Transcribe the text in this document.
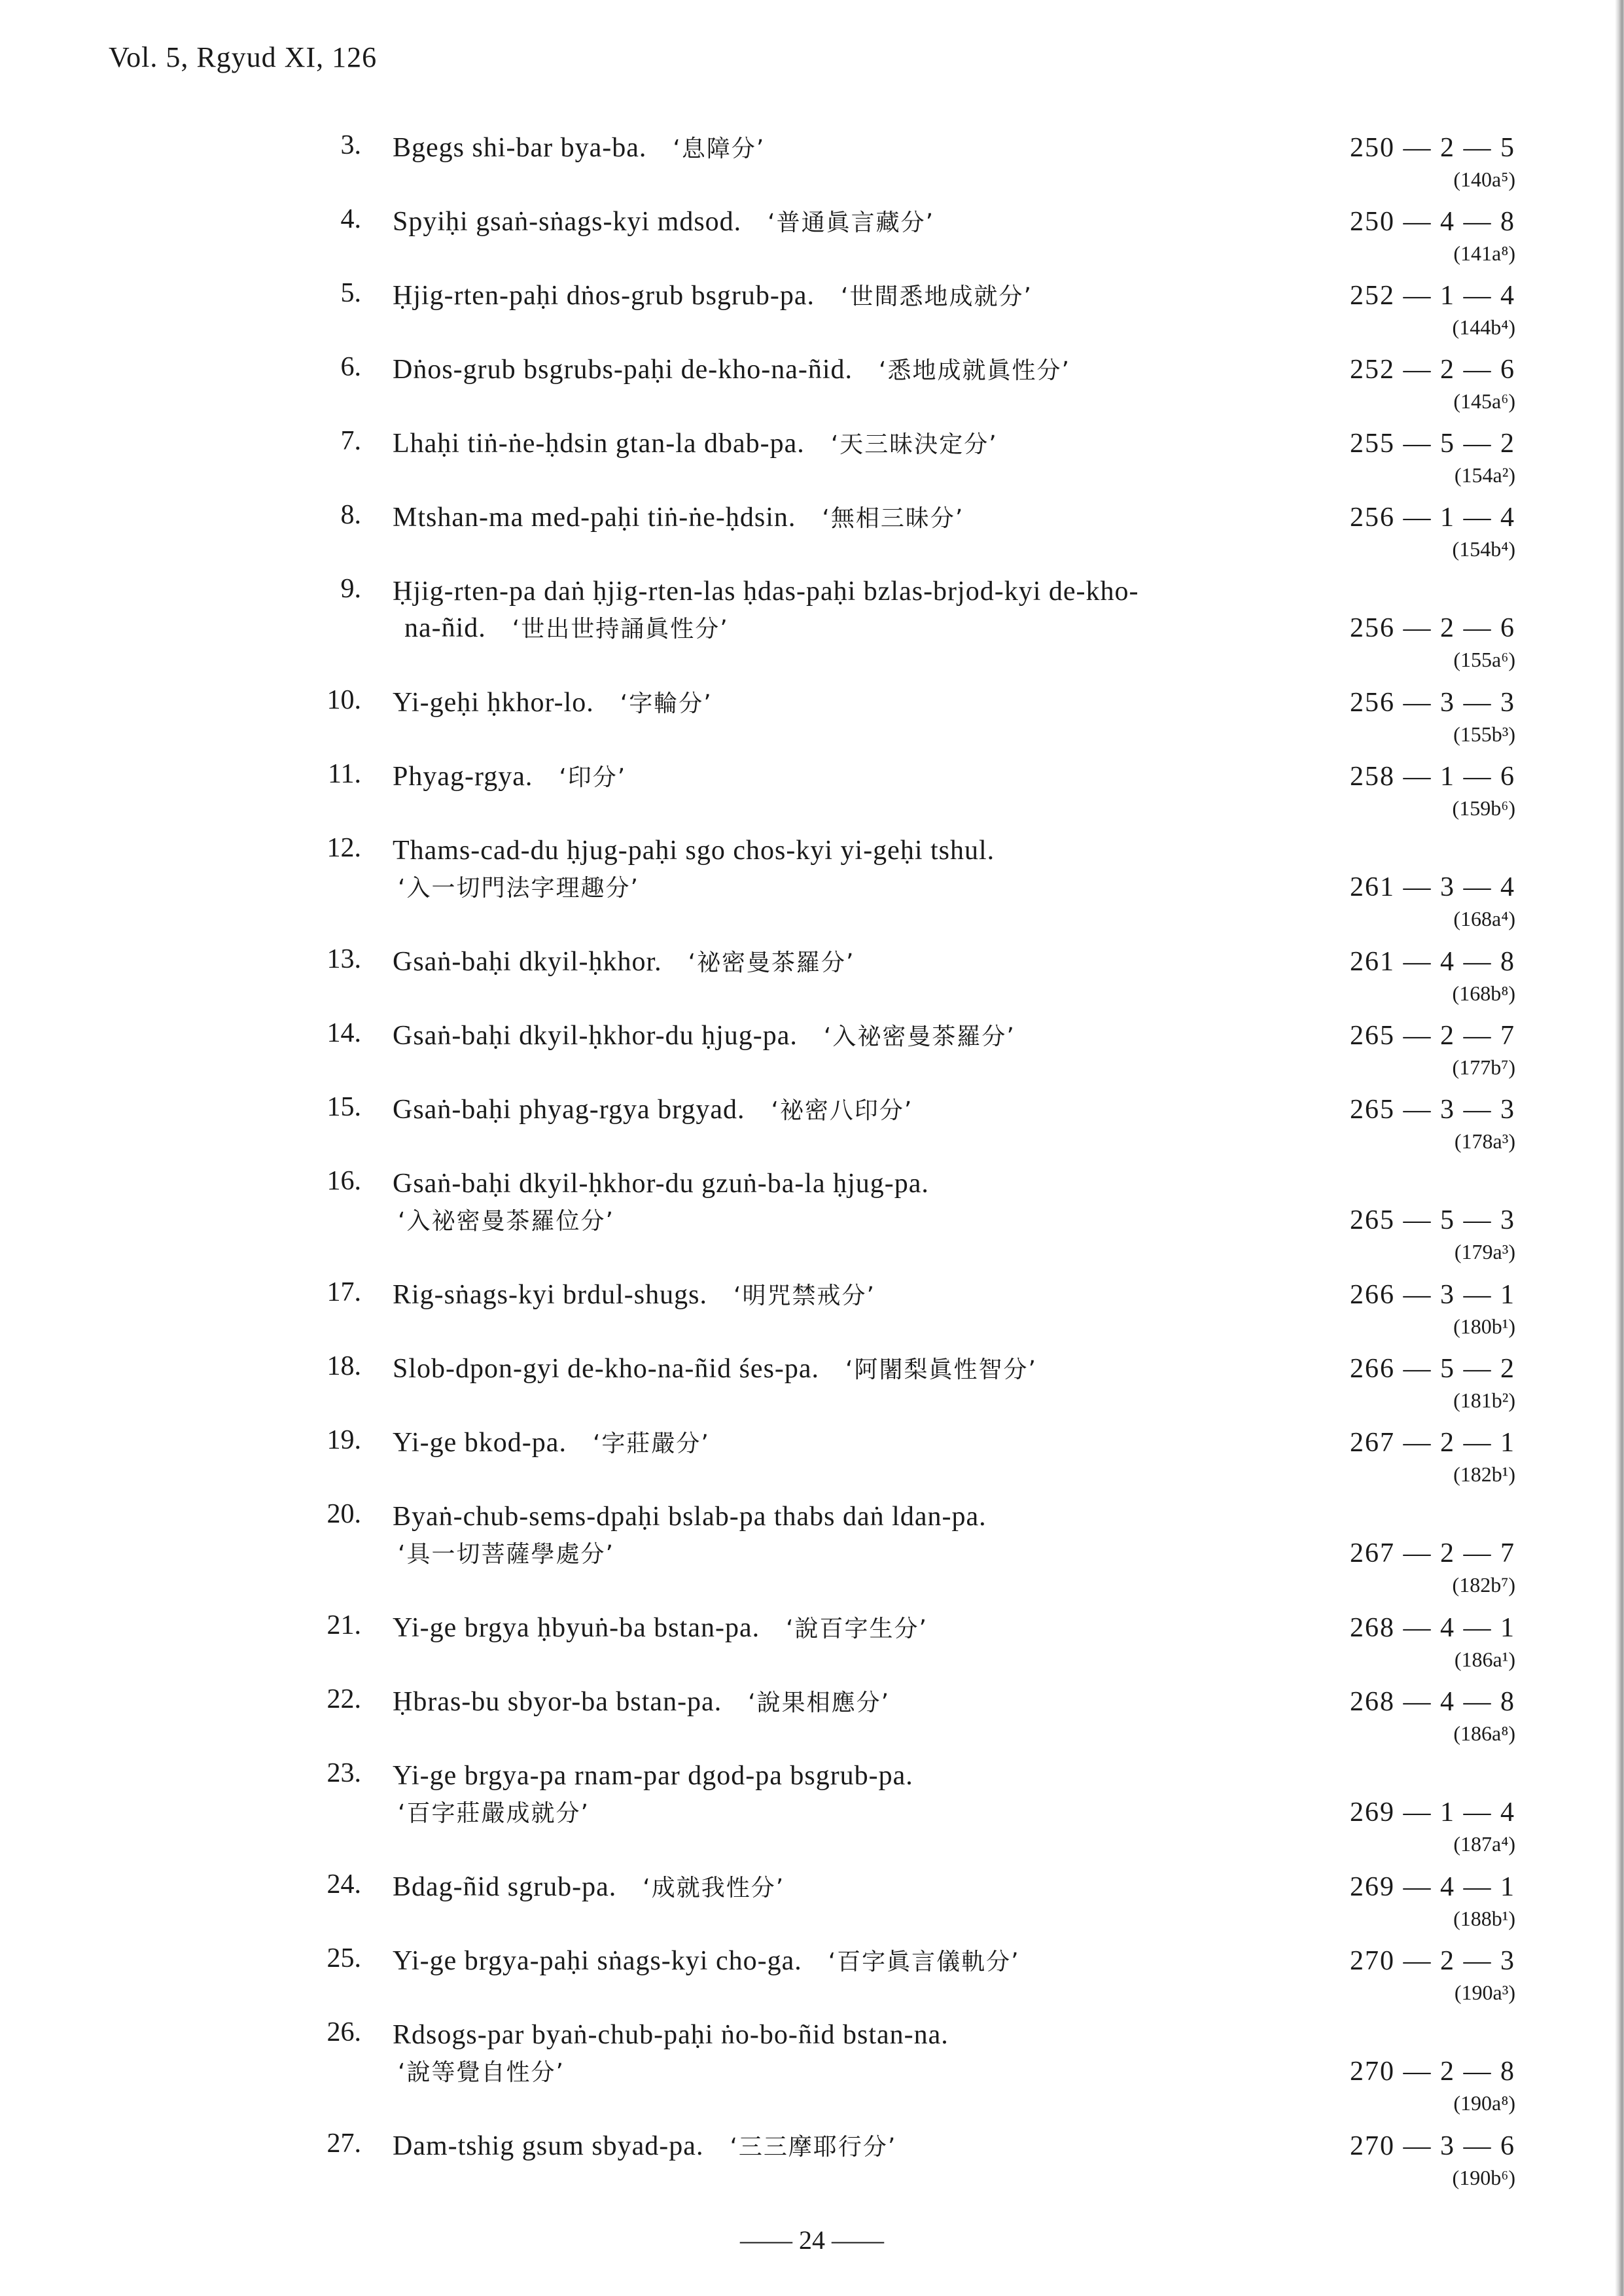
Vol. 5, Rgyud XI, 126
3. Bgegs shi-bar bya-ba. ‘息障分’	250 — 2 — 5
(140a⁵)
4. Spyiḥi gsaṅ-sṅags-kyi mdsod. ‘普通眞言藏分’	250 — 4 — 8
(141a⁸)
5. Ḥjig-rten-paḥi dṅos-grub bsgrub-pa. ‘世間悉地成就分’	252 — 1 — 4
(144b⁴)
6. Dṅos-grub bsgrubs-paḥi de-kho-na-ñid. ‘悉地成就眞性分’	252 — 2 — 6
(145a⁶)
7. Lhaḥi tiṅ-ṅe-ḥdsin gtan-la dbab-pa. ‘天三昧決定分’	255 — 5 — 2
(154a²)
8. Mtshan-ma med-paḥi tiṅ-ṅe-ḥdsin. ‘無相三昧分’	256 — 1 — 4
(154b⁴)
9. Ḥjig-rten-pa daṅ ḥjig-rten-las ḥdas-paḥi bzlas-brjod-kyi de-kho-
na-ñid. ‘世出世持誦眞性分’	256 — 2 — 6
(155a⁶)
10. Yi-geḥi ḥkhor-lo. ‘字輪分’	256 — 3 — 3
(155b³)
11. Phyag-rgya. ‘印分’	258 — 1 — 6
(159b⁶)
12. Thams-cad-du ḥjug-paḥi sgo chos-kyi yi-geḥi tshul.
‘入一切門法字理趣分’	261 — 3 — 4
(168a⁴)
13. Gsaṅ-baḥi dkyil-ḥkhor. ‘祕密曼茶羅分’	261 — 4 — 8
(168b⁸)
14. Gsaṅ-baḥi dkyil-ḥkhor-du ḥjug-pa. ‘入祕密曼茶羅分’	265 — 2 — 7
(177b⁷)
15. Gsaṅ-baḥi phyag-rgya brgyad. ‘祕密八印分’	265 — 3 — 3
(178a³)
16. Gsaṅ-baḥi dkyil-ḥkhor-du gzuṅ-ba-la ḥjug-pa.
‘入祕密曼茶羅位分’	265 — 5 — 3
(179a³)
17. Rig-sṅags-kyi brdul-shugs. ‘明咒禁戒分’	266 — 3 — 1
(180b¹)
18. Slob-dpon-gyi de-kho-na-ñid śes-pa. ‘阿闍梨眞性智分’	266 — 5 — 2
(181b²)
19. Yi-ge bkod-pa. ‘字莊嚴分’	267 — 2 — 1
(182b¹)
20. Byaṅ-chub-sems-dpaḥi bslab-pa thabs daṅ ldan-pa.
‘具一切菩薩學處分’	267 — 2 — 7
(182b⁷)
21. Yi-ge brgya ḥbyuṅ-ba bstan-pa. ‘說百字生分’	268 — 4 — 1
(186a¹)
22. Ḥbras-bu sbyor-ba bstan-pa. ‘說果相應分’	268 — 4 — 8
(186a⁸)
23. Yi-ge brgya-pa rnam-par dgod-pa bsgrub-pa.
‘百字莊嚴成就分’	269 — 1 — 4
(187a⁴)
24. Bdag-ñid sgrub-pa. ‘成就我性分’	269 — 4 — 1
(188b¹)
25. Yi-ge brgya-paḥi sṅags-kyi cho-ga. ‘百字眞言儀軌分’	270 — 2 — 3
(190a³)
26. Rdsogs-par byaṅ-chub-paḥi ṅo-bo-ñid bstan-na.
‘說等覺自性分’	270 — 2 — 8
(190a⁸)
27. Dam-tshig gsum sbyad-pa. ‘三三摩耶行分’	270 — 3 — 6
(190b⁶)
—— 24 ——
